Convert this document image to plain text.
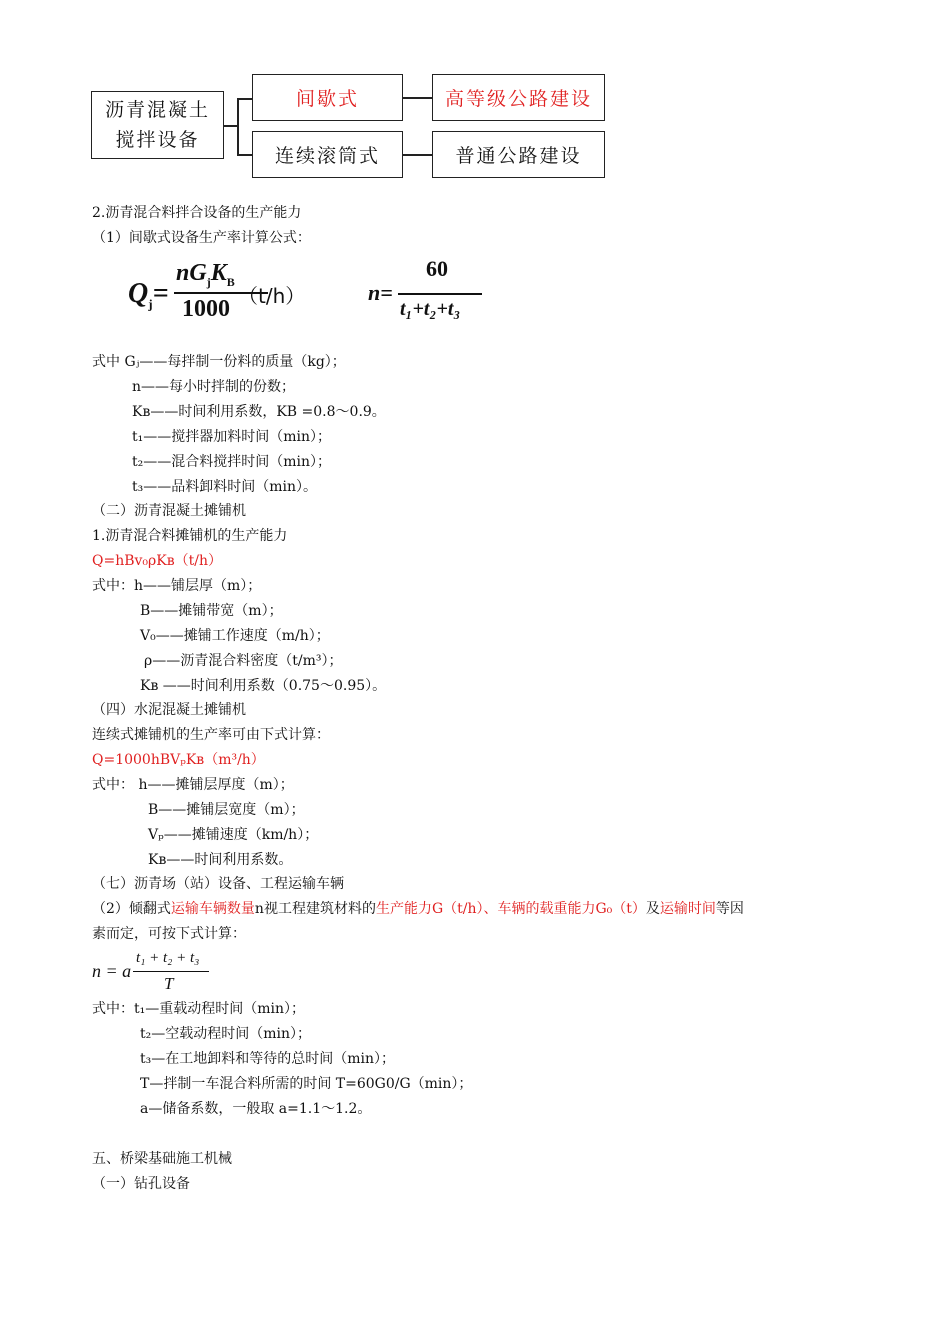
沥青混凝土
搅拌设备
间歇式	高等级公路建设
连续滚筒式	普通公路建设
2.沥青混合料拌合设备的生产能力
（1）间歇式设备生产率计算公式：
$Q_j=$
$nG_jK_B$
1000 （t/h）	n=
60
t₁+t₂+t₃
式中 Gⱼ——每拌制一份料的质量（kg）；
n——每小时拌制的份数；
Kʙ——时间利用系数，KB =0.8～0.9。
t₁——搅拌器加料时间（min）；
t₂——混合料搅拌时间（min）；
t₃——品料卸料时间（min）。
（二）沥青混凝土摊铺机
1.沥青混合料摊铺机的生产能力
Q=hBv₀ρKʙ（t/h）
式中：h——铺层厚（m）；
B——摊铺带宽（m）；
V₀——摊铺工作速度（m/h）；
ρ——沥青混合料密度（t/m³）；
Kʙ ——时间利用系数（0.75～0.95）。
（四）水泥混凝土摊铺机
连续式摊铺机的生产率可由下式计算：
Q=1000hBVₚKʙ（m³/h）
式中： h——摊铺层厚度（m）；
B——摊铺层宽度（m）；
Vₚ——摊铺速度（km/h）；
Kʙ——时间利用系数。
（七）沥青场（站）设备、工程运输车辆
（2）倾翻式运输车辆数量n视工程建筑材料的生产能力G（t/h）、车辆的载重能力G₀（t）及运输时间等因
素而定，可按下式计算：
n = a
t₁ + t₂ + t₃
T
式中：t₁—重载动程时间（min）；
t₂—空载动程时间（min）；
t₃—在工地卸料和等待的总时间（min）；
T—拌制一车混合料所需的时间 T=60G0/G（min）；
a—储备系数，一般取 a=1.1～1.2。
五、桥梁基础施工机械
（一）钻孔设备
